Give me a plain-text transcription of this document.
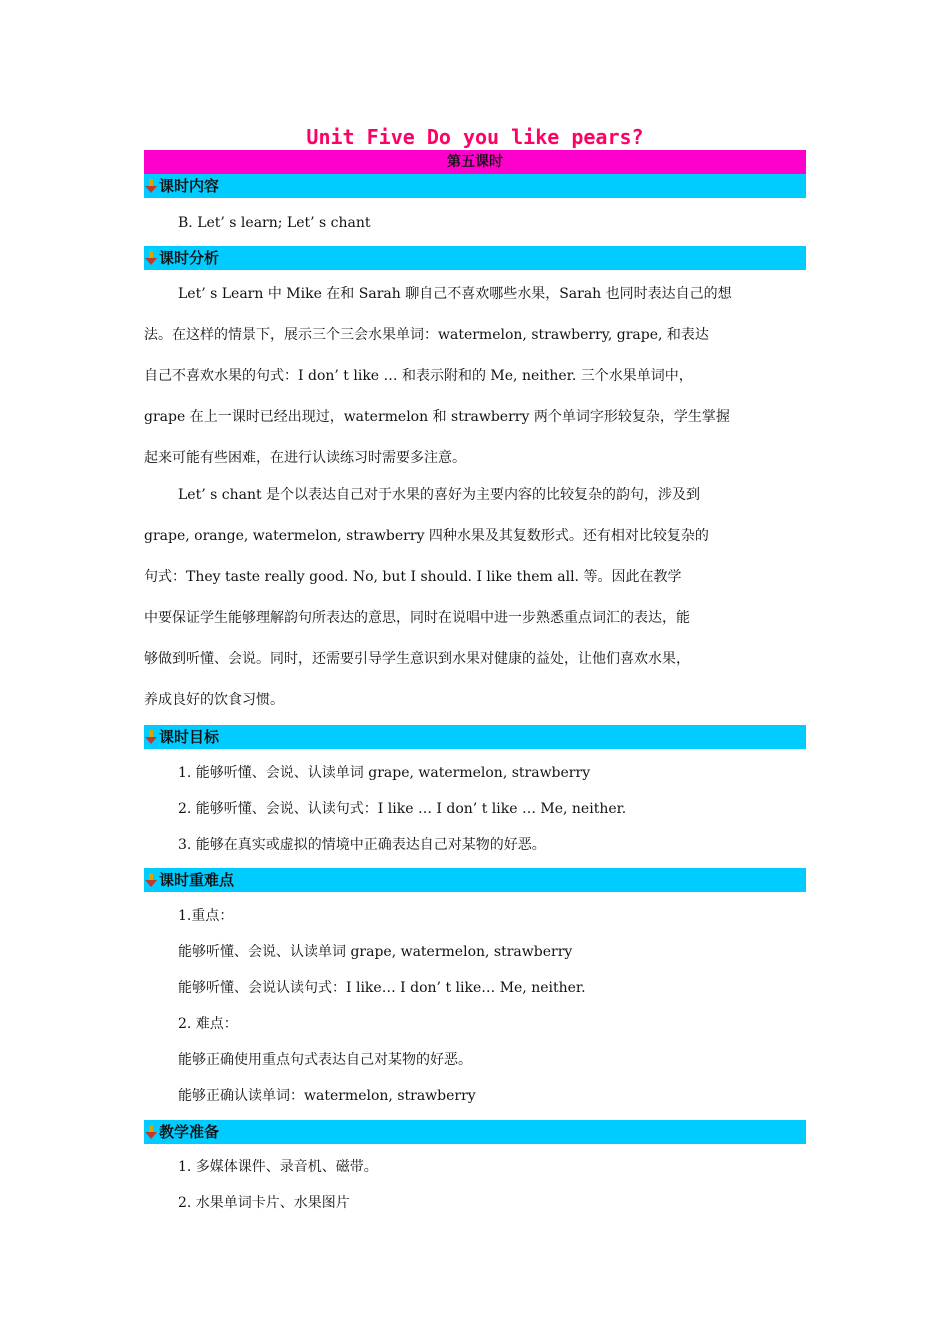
Unit Five Do you like pears?
第五课时
课时内容
B. Let’ s learn; Let’ s chant
课时分析
Let’ s Learn 中 Mike 在和 Sarah 聊自己不喜欢哪些水果，Sarah 也同时表达自己的想
法。在这样的情景下，展示三个三会水果单词：watermelon, strawberry, grape, 和表达
自己不喜欢水果的句式：I don’ t like … 和表示附和的 Me, neither. 三个水果单词中，
grape 在上一课时已经出现过，watermelon 和 strawberry 两个单词字形较复杂，学生掌握
起来可能有些困难，在进行认读练习时需要多注意。
Let’ s chant 是个以表达自己对于水果的喜好为主要内容的比较复杂的韵句，涉及到
grape, orange, watermelon, strawberry 四种水果及其复数形式。还有相对比较复杂的
句式：They taste really good. No, but I should. I like them all. 等。因此在教学
中要保证学生能够理解韵句所表达的意思，同时在说唱中进一步熟悉重点词汇的表达，能
够做到听懂、会说。同时，还需要引导学生意识到水果对健康的益处，让他们喜欢水果，
养成良好的饮食习惯。
课时目标
1. 能够听懂、会说、认读单词 grape, watermelon, strawberry
2. 能够听懂、会说、认读句式：I like … I don’ t like … Me, neither.
3. 能够在真实或虚拟的情境中正确表达自己对某物的好恶。
课时重难点
1.重点：
能够听懂、会说、认读单词 grape, watermelon, strawberry
能够听懂、会说认读句式：I like… I don’ t like… Me, neither.
2. 难点：
能够正确使用重点句式表达自己对某物的好恶。
能够正确认读单词：watermelon, strawberry
教学准备
1. 多媒体课件、录音机、磁带。
2. 水果单词卡片、水果图片
